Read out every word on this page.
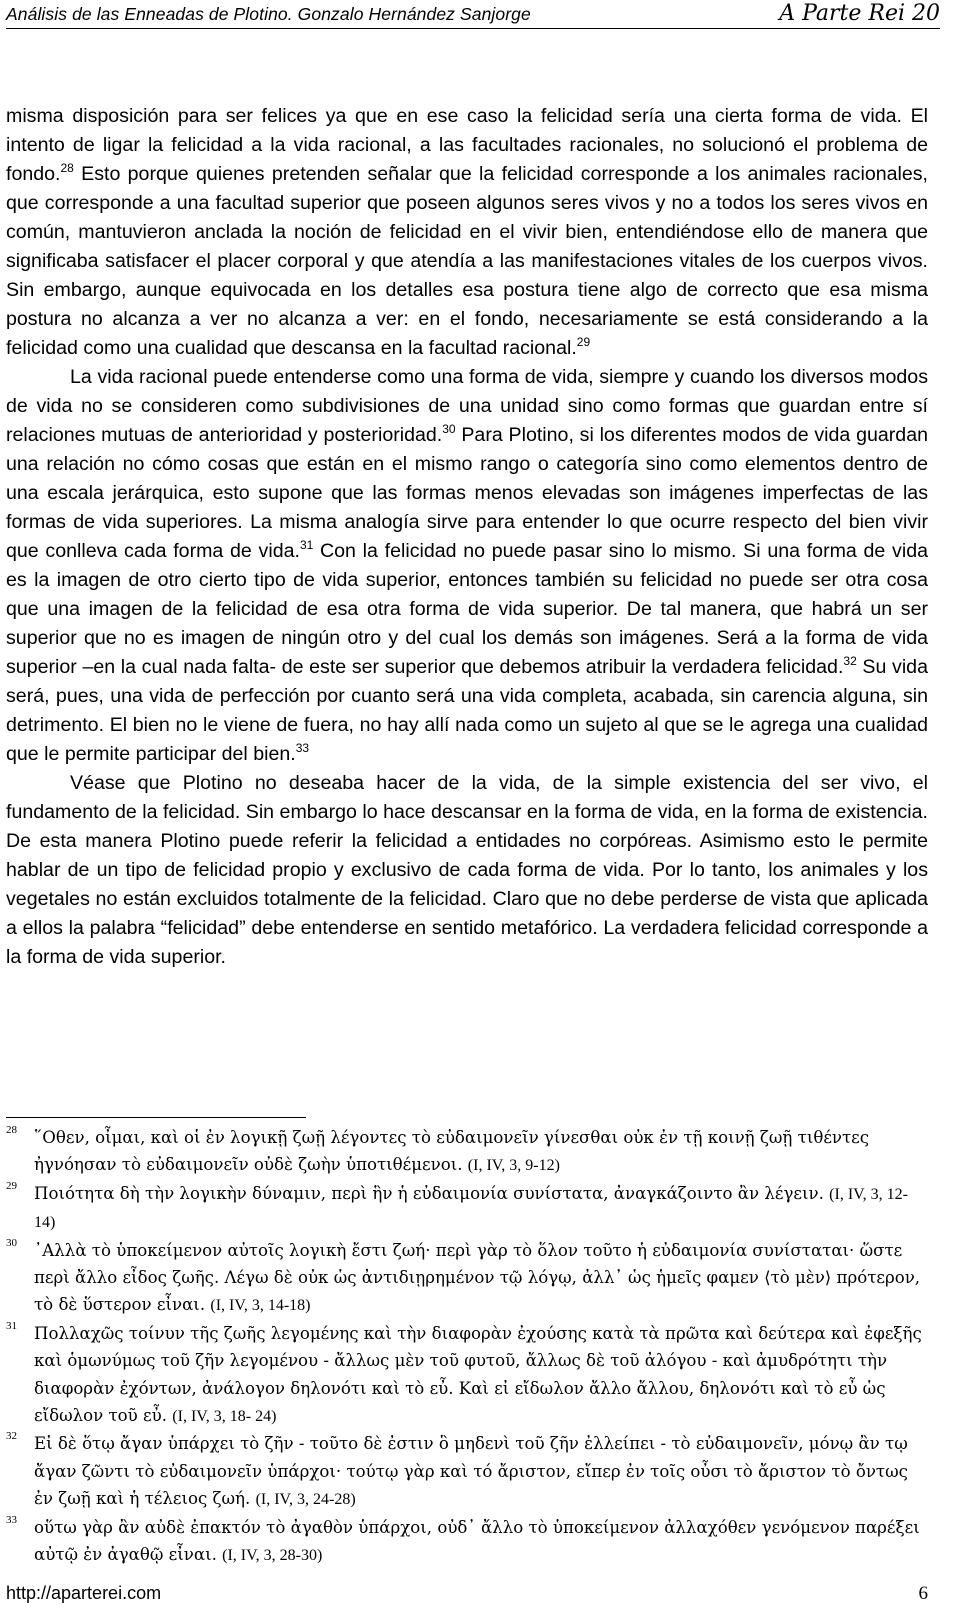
Análisis de las Enneadas de Plotino. Gonzalo Hernández Sanjorge	A Parte Rei 20

misma disposición para ser felices ya que en ese caso la felicidad sería una cierta forma de vida. El intento de ligar la felicidad a la vida racional, a las facultades racionales, no solucionó el problema de fondo.$^{28}$ Esto porque quienes pretenden señalar que la felicidad corresponde a los animales racionales, que corresponde a una facultad superior que poseen algunos seres vivos y no a todos los seres vivos en común, mantuvieron anclada la noción de felicidad en el vivir bien, entendiéndose ello de manera que significaba satisfacer el placer corporal y que atendía a las manifestaciones vitales de los cuerpos vivos. Sin embargo, aunque equivocada en los detalles esa postura tiene algo de correcto que esa misma postura no alcanza a ver no alcanza a ver: en el fondo, necesariamente se está considerando a la felicidad como una cualidad que descansa en la facultad racional.$^{29}$

La vida racional puede entenderse como una forma de vida, siempre y cuando los diversos modos de vida no se consideren como subdivisiones de una unidad sino como formas que guardan entre sí relaciones mutuas de anterioridad y posterioridad.$^{30}$ Para Plotino, si los diferentes modos de vida guardan una relación no cómo cosas que están en el mismo rango o categoría sino como elementos dentro de una escala jerárquica, esto supone que las formas menos elevadas son imágenes imperfectas de las formas de vida superiores. La misma analogía sirve para entender lo que ocurre respecto del bien vivir que conlleva cada forma de vida.$^{31}$ Con la felicidad no puede pasar sino lo mismo. Si una forma de vida es la imagen de otro cierto tipo de vida superior, entonces también su felicidad no puede ser otra cosa que una imagen de la felicidad de esa otra forma de vida superior. De tal manera, que habrá un ser superior que no es imagen de ningún otro y del cual los demás son imágenes. Será a la forma de vida superior –en la cual nada falta- de este ser superior que debemos atribuir la verdadera felicidad.$^{32}$ Su vida será, pues, una vida de perfección por cuanto será una vida completa, acabada, sin carencia alguna, sin detrimento. El bien no le viene de fuera, no hay allí nada como un sujeto al que se le agrega una cualidad que le permite participar del bien.$^{33}$

Véase que Plotino no deseaba hacer de la vida, de la simple existencia del ser vivo, el fundamento de la felicidad. Sin embargo lo hace descansar en la forma de vida, en la forma de existencia. De esta manera Plotino puede referir la felicidad a entidades no corpóreas. Asimismo esto le permite hablar de un tipo de felicidad propio y exclusivo de cada forma de vida. Por lo tanto, los animales y los vegetales no están excluidos totalmente de la felicidad. Claro que no debe perderse de vista que aplicada a ellos la palabra “felicidad” debe entenderse en sentido metafórico. La verdadera felicidad corresponde a la forma de vida superior.

28 ῞Οθεν, οἶμαι, καὶ οἱ ἐν λογικῇ ζωῇ λέγοντες τὸ εὐδαιμονεῖν γίνεσθαι οὐκ ἐν τῇ κοινῇ ζωῇ τιθέντες ἠγνόησαν τὸ εὐδαιμονεῖν οὐδὲ ζωὴν ὑποτιθέμενοι. (I, IV, 3, 9-12)
29 Ποιότητα δὴ τὴν λογικὴν δύναμιν, περὶ ἣν ἡ εὐδαιμονία συνίστατα, ἀναγκάζοιντο ἂν λέγειν. (I, IV, 3, 12-14)
30 ᾿Αλλὰ τὸ ὑποκείμενον αὐτοῖς λογικὴ ἔστι ζωή· περὶ γὰρ τὸ ὅλον τοῦτο ἡ εὐδαιμονία συνίσταται· ὥστε περὶ ἄλλο εἶδος ζωῆς. Λέγω δὲ οὐκ ὡς ἀντιδιῃρημένον τῷ λόγῳ, ἀλλ᾿ ὡς ἡμεῖς φαμεν ⟨τὸ μὲν⟩ πρότερον, τὸ δὲ ὕστερον εἶναι. (I, IV, 3, 14-18)
31 Πολλαχῶς τοίνυν τῆς ζωῆς λεγομένης καὶ τὴν διαφορὰν ἐχούσης κατὰ τὰ πρῶτα καὶ δεύτερα καὶ ἐφεξῆς καὶ ὁμωνύμως τοῦ ζῆν λεγομένου - ἄλλως μὲν τοῦ φυτοῦ, ἄλλως δὲ τοῦ ἀλόγου - καὶ ἀμυδρότητι τὴν διαφορὰν ἐχόντων, ἀνάλογον δηλονότι καὶ τὸ εὖ. Καὶ εἰ εἴδωλον ἄλλο ἄλλου, δηλονότι καὶ τὸ εὖ ὡς εἴδωλον τοῦ εὖ. (I, IV, 3, 18- 24)
32 Εἰ δὲ ὅτῳ ἄγαν ὑπάρχει τὸ ζῆν - τοῦτο δὲ ἐστιν ὃ μηδενὶ τοῦ ζῆν ἐλλείπει - τὸ εὐδαιμονεῖν, μόνῳ ἂν τῳ ἄγαν ζῶντι τὸ εὐδαιμονεῖν ὑπάρχοι· τούτῳ γὰρ καὶ τό ἄριστον, εἴπερ ἐν τοῖς οὖσι τὸ ἄριστον τὸ ὄντως ἐν ζωῇ καὶ ἡ τέλειος ζωή. (I, IV, 3, 24-28)
33 οὕτω γὰρ ἂν αὐδὲ ἐπακτόν τὸ ἀγαθὸν ὑπάρχοι, οὐδ᾿ ἄλλο τὸ ὑποκείμενον ἀλλαχόθεν γενόμενον παρέξει αὐτῷ ἐν ἀγαθῷ εἶναι. (I, IV, 3, 28-30)
http://aparterei.com	6
